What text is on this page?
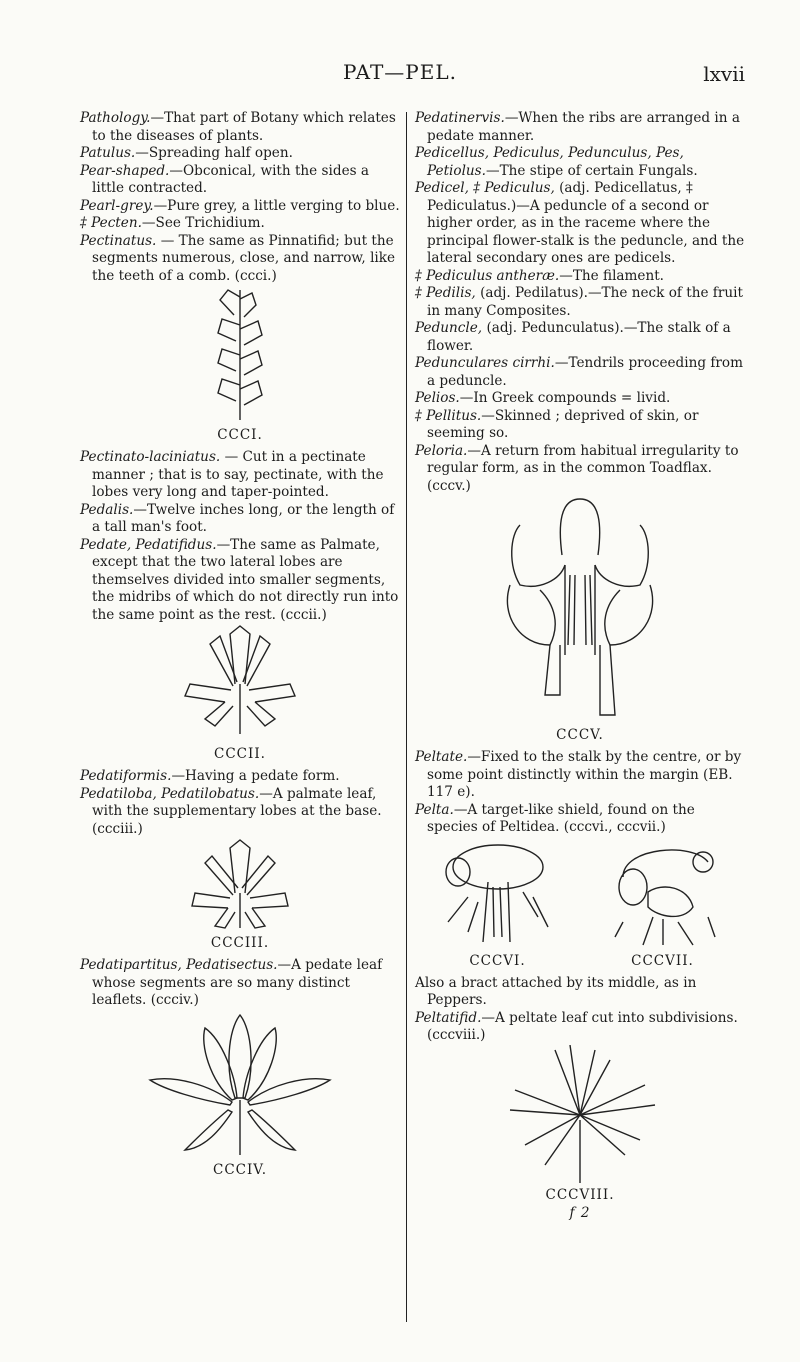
PAT—PEL.	lxvii

Pathology.—That part of Botany which relates to the diseases of plants.

Patulus.—Spreading half open.

Pear-shaped.—Obconical, with the sides a little contracted.

Pearl-grey.—Pure grey, a little verging to blue.

‡ Pecten.—See Trichidium.

Pectinatus. — The same as Pinnatifid; but the segments numerous, close, and narrow, like the teeth of a comb. (ccci.)

CCCI.

Pectinato-laciniatus. — Cut in a pectinate manner ; that is to say, pectinate, with the lobes very long and taper-pointed.

Pedalis.—Twelve inches long, or the length of a tall man's foot.

Pedate, Pedatifidus.—The same as Palmate, except that the two lateral lobes are themselves divided into smaller segments, the midribs of which do not directly run into the same point as the rest. (cccii.)

CCCII.

Pedatiformis.—Having a pedate form.

Pedatiloba, Pedatilobatus.—A palmate leaf, with the supplementary lobes at the base. (ccciii.)

CCCIII.

Pedatipartitus, Pedatisectus.—A pedate leaf whose segments are so many distinct leaflets. (ccciv.)

CCCIV.

Pedatinervis.—When the ribs are arranged in a pedate manner.

Pedicellus, Pediculus, Pedunculus, Pes, Petiolus.—The stipe of certain Fungals.

Pedicel, ‡ Pediculus, (adj. Pedicellatus, ‡ Pediculatus.)—A peduncle of a second or higher order, as in the raceme where the principal flower-stalk is the peduncle, and the lateral secondary ones are pedicels.

‡ Pediculus antheræ.—The filament.

‡ Pedilis, (adj. Pedilatus).—The neck of the fruit in many Composites.

Peduncle, (adj. Pedunculatus).—The stalk of a flower.

Pedunculares cirrhi.—Tendrils proceeding from a peduncle.

Pelios.—In Greek compounds = livid.

‡ Pellitus.—Skinned ; deprived of skin, or seeming so.

Peloria.—A return from habitual irregularity to regular form, as in the common Toadflax. (cccv.)

CCCV.

Peltate.—Fixed to the stalk by the centre, or by some point distinctly within the margin (EB. 117 e).

Pelta.—A target-like shield, found on the species of Peltidea. (cccvi., cccvii.)

CCCVI.	CCCVII.

Also a bract attached by its middle, as in Peppers.

Peltatifid.—A peltate leaf cut into subdivisions. (cccviii.)

CCCVIII.
f 2
